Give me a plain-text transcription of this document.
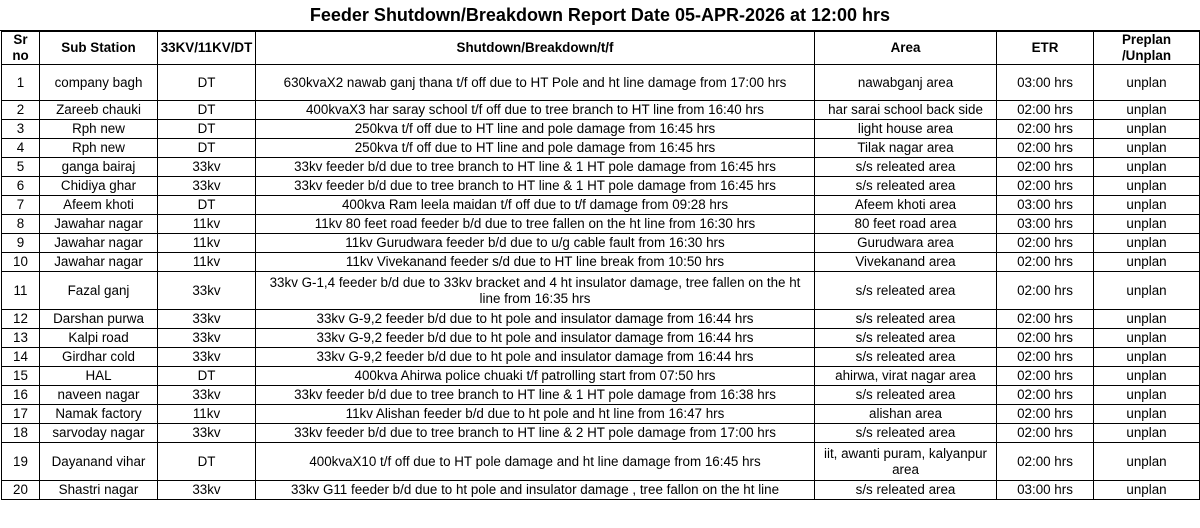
Feeder Shutdown/Breakdown Report Date 05-APR-2026 at 12:00 hrs
Sr no	Sub Station	33KV/11KV/DT	Shutdown/Breakdown/t/f	Area	ETR	Preplan /Unplan
1	company bagh	DT	630kvaX2 nawab ganj thana t/f off due to HT Pole and ht line damage from 17:00 hrs	nawabganj area	03:00 hrs	unplan
2	Zareeb chauki	DT	400kvaX3 har saray school t/f off due to tree branch to HT line from 16:40 hrs	har sarai school back side	02:00 hrs	unplan
3	Rph new	DT	250kva t/f off due to HT line and pole damage from 16:45 hrs	light house area	02:00 hrs	unplan
4	Rph new	DT	250kva t/f off due to HT line and pole damage from 16:45 hrs	Tilak nagar area	02:00 hrs	unplan
5	ganga bairaj	33kv	33kv feeder b/d due to tree branch to HT line & 1 HT pole damage from 16:45 hrs	s/s releated area	02:00 hrs	unplan
6	Chidiya ghar	33kv	33kv feeder b/d due to tree branch to HT line & 1 HT pole damage from 16:45 hrs	s/s releated area	02:00 hrs	unplan
7	Afeem khoti	DT	400kva Ram leela maidan t/f off due to t/f damage from 09:28 hrs	Afeem khoti area	03:00 hrs	unplan
8	Jawahar nagar	11kv	11kv 80 feet road feeder b/d due to tree fallen on the ht line from 16:30 hrs	80 feet road area	03:00 hrs	unplan
9	Jawahar nagar	11kv	11kv Gurudwara feeder b/d due to u/g cable fault from 16:30 hrs	Gurudwara area	02:00 hrs	unplan
10	Jawahar nagar	11kv	11kv Vivekanand feeder s/d due to HT line break from 10:50 hrs	Vivekanand area	02:00 hrs	unplan
11	Fazal ganj	33kv	33kv G-1,4 feeder b/d due to 33kv bracket and 4 ht insulator damage, tree fallen on the ht line from 16:35 hrs	s/s releated area	02:00 hrs	unplan
12	Darshan purwa	33kv	33kv G-9,2 feeder b/d due to ht pole and insulator damage from 16:44 hrs	s/s releated area	02:00 hrs	unplan
13	Kalpi road	33kv	33kv G-9,2 feeder b/d due to ht pole and insulator damage from 16:44 hrs	s/s releated area	02:00 hrs	unplan
14	Girdhar cold	33kv	33kv G-9,2 feeder b/d due to ht pole and insulator damage from 16:44 hrs	s/s releated area	02:00 hrs	unplan
15	HAL	DT	400kva Ahirwa police chuaki t/f patrolling start from 07:50 hrs	ahirwa, virat nagar area	02:00 hrs	unplan
16	naveen nagar	33kv	33kv feeder b/d due to tree branch to HT line & 1 HT pole damage from 16:38 hrs	s/s releated area	02:00 hrs	unplan
17	Namak factory	11kv	11kv Alishan feeder b/d due to ht pole and ht line from 16:47 hrs	alishan area	02:00 hrs	unplan
18	sarvoday nagar	33kv	33kv feeder b/d due to tree branch to HT line & 2 HT pole damage from 17:00 hrs	s/s releated area	02:00 hrs	unplan
19	Dayanand vihar	DT	400kvaX10 t/f off due to HT pole damage and ht line damage from 16:45 hrs	iit, awanti puram, kalyanpur area	02:00 hrs	unplan
20	Shastri nagar	33kv	33kv G11 feeder b/d due to ht pole and insulator damage , tree fallon on the ht line	s/s releated area	03:00 hrs	unplan
